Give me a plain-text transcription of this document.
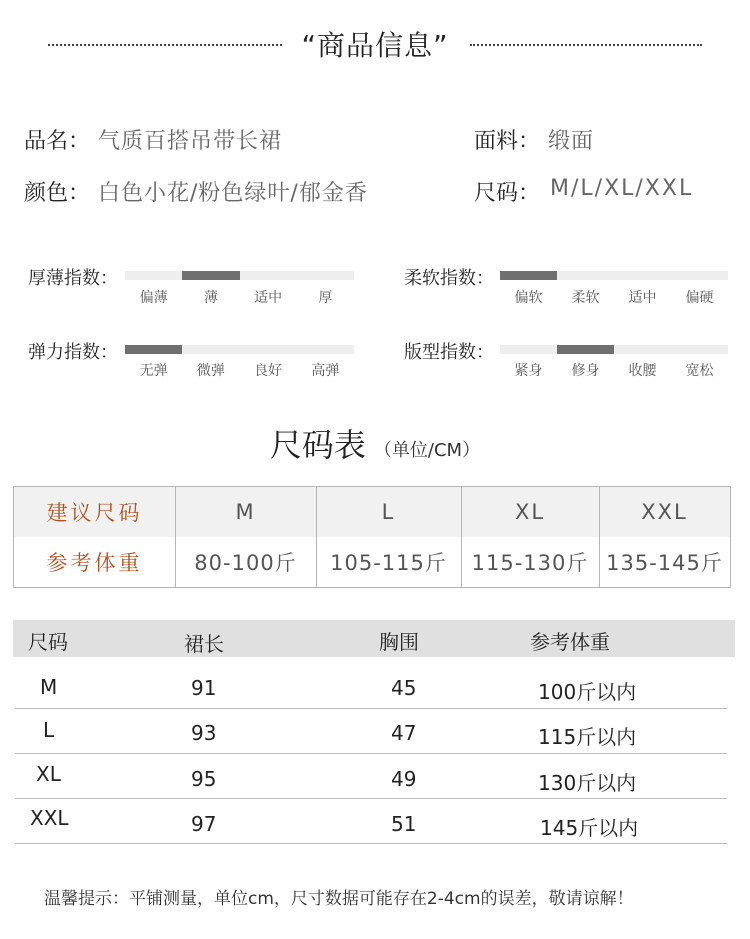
“商品信息”
品名： 气质百搭吊带长裙	面料： 缎面
颜色： 白色小花/粉色绿叶/郁金香	尺码： M/L/XL/XXL
厚薄指数：
偏薄	薄	适中	厚
柔软指数：
偏软 柔软 适中 偏硬
弹力指数：
无弹 微弹 良好 高弹
版型指数：
紧身 修身 收腰 宽松
尺码表 （单位/CM）
建议尺码	M	L	XL	XXL
参考体重	80-100斤	105-115斤	115-130斤 135-145斤
尺码	裙长	胸围	参考体重
M	91	45	100斤以内
L	93	47	115斤以内
XL	95	49	130斤以内
XXL	97	51	145斤以内
温馨提示：平铺测量，单位cm，尺寸数据可能存在2-4cm的误差，敬请谅解！
